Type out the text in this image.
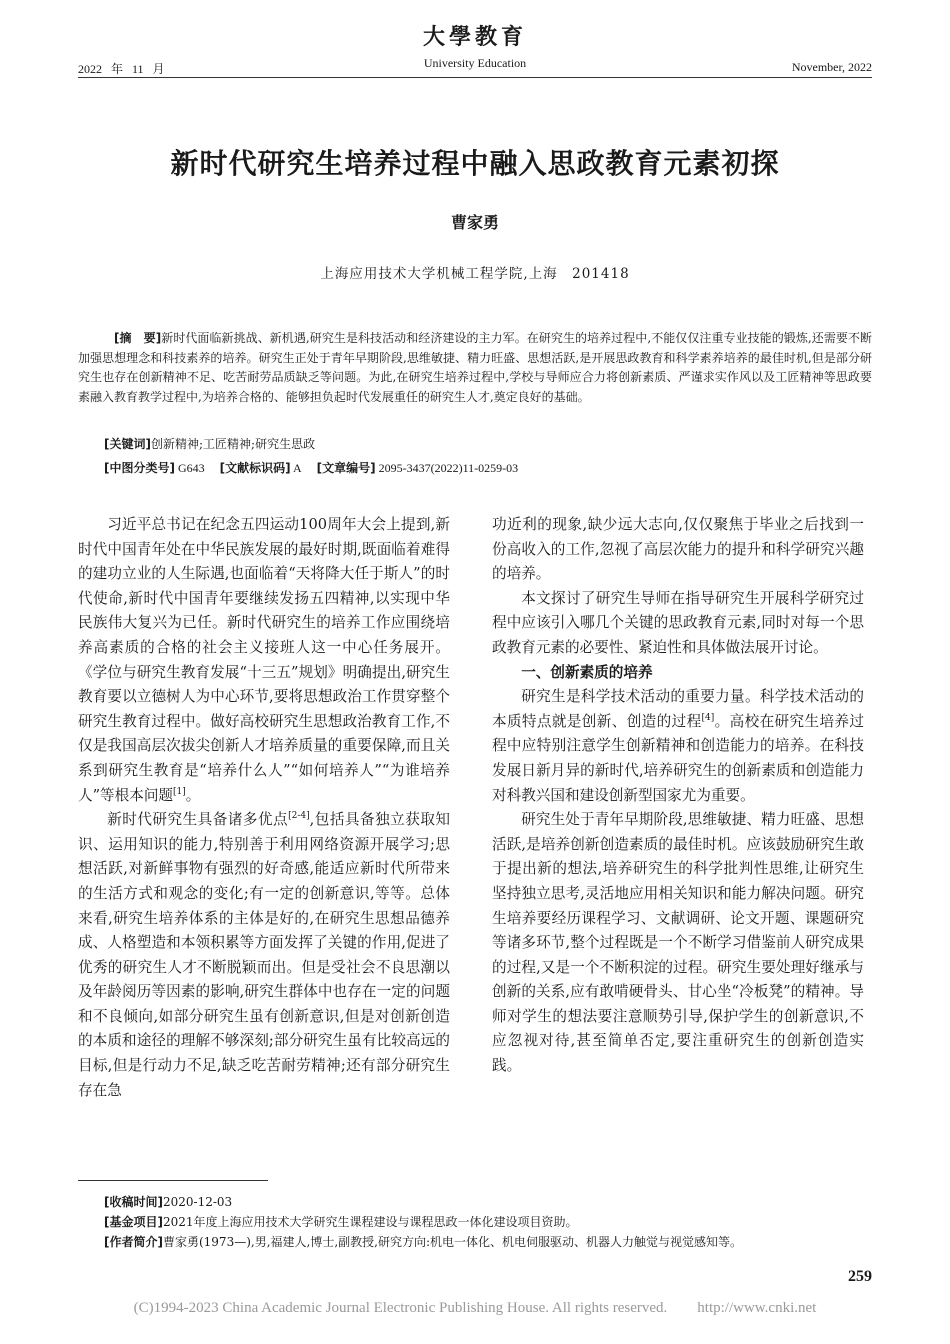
大學教育
University Education
2022 年 11 月	November, 2022
新时代研究生培养过程中融入思政教育元素初探
曹家勇
上海应用技术大学机械工程学院,上海　201418
[摘　要]新时代面临新挑战、新机遇,研究生是科技活动和经济建设的主力军。在研究生的培养过程中,不能仅仅注重专业技能的锻炼,还需要不断加强思想理念和科技素养的培养。研究生正处于青年早期阶段,思维敏捷、精力旺盛、思想活跃,是开展思政教育和科学素养培养的最佳时机,但是部分研究生也存在创新精神不足、吃苦耐劳品质缺乏等问题。为此,在研究生培养过程中,学校与导师应合力将创新素质、严谨求实作风以及工匠精神等思政要素融入教育教学过程中,为培养合格的、能够担负起时代发展重任的研究生人才,奠定良好的基础。
[关键词]创新精神;工匠精神;研究生思政
[中图分类号] G643 [文献标识码] A [文章编号] 2095-3437(2022)11-0259-03

习近平总书记在纪念五四运动100周年大会上提到,新时代中国青年处在中华民族发展的最好时期,既面临着难得的建功立业的人生际遇,也面临着“天将降大任于斯人”的时代使命,新时代中国青年要继续发扬五四精神,以实现中华民族伟大复兴为已任。新时代研究生的培养工作应围绕培养高素质的合格的社会主义接班人这一中心任务展开。《学位与研究生教育发展“十三五”规划》明确提出,研究生教育要以立德树人为中心环节,要将思想政治工作贯穿整个研究生教育过程中。做好高校研究生思想政治教育工作,不仅是我国高层次拔尖创新人才培养质量的重要保障,而且关系到研究生教育是“培养什么人”“如何培养人”“为谁培养人”等根本问题[1]。

新时代研究生具备诸多优点[2-4],包括具备独立获取知识、运用知识的能力,特别善于利用网络资源开展学习;思想活跃,对新鲜事物有强烈的好奇感,能适应新时代所带来的生活方式和观念的变化;有一定的创新意识,等等。总体来看,研究生培养体系的主体是好的,在研究生思想品德养成、人格塑造和本领积累等方面发挥了关键的作用,促进了优秀的研究生人才不断脱颖而出。但是受社会不良思潮以及年龄阅历等因素的影响,研究生群体中也存在一定的问题和不良倾向,如部分研究生虽有创新意识,但是对创新创造的本质和途径的理解不够深刻;部分研究生虽有比较高远的目标,但是行动力不足,缺乏吃苦耐劳精神;还有部分研究生存在急

功近利的现象,缺少远大志向,仅仅聚焦于毕业之后找到一份高收入的工作,忽视了高层次能力的提升和科学研究兴趣的培养。

本文探讨了研究生导师在指导研究生开展科学研究过程中应该引入哪几个关键的思政教育元素,同时对每一个思政教育元素的必要性、紧迫性和具体做法展开讨论。

一、创新素质的培养

研究生是科学技术活动的重要力量。科学技术活动的本质特点就是创新、创造的过程[4]。高校在研究生培养过程中应特别注意学生创新精神和创造能力的培养。在科技发展日新月异的新时代,培养研究生的创新素质和创造能力对科教兴国和建设创新型国家尤为重要。

研究生处于青年早期阶段,思维敏捷、精力旺盛、思想活跃,是培养创新创造素质的最佳时机。应该鼓励研究生敢于提出新的想法,培养研究生的科学批判性思维,让研究生坚持独立思考,灵活地应用相关知识和能力解决问题。研究生培养要经历课程学习、文献调研、论文开题、课题研究等诸多环节,整个过程既是一个不断学习借鉴前人研究成果的过程,又是一个不断积淀的过程。研究生要处理好继承与创新的关系,应有敢啃硬骨头、甘心坐“冷板凳”的精神。导师对学生的想法要注意顺势引导,保护学生的创新意识,不应忽视对待,甚至简单否定,要注重研究生的创新创造实践。

[收稿时间]2020-12-03
[基金项目]2021年度上海应用技术大学研究生课程建设与课程思政一体化建设项目资助。
[作者简介]曹家勇(1973—),男,福建人,博士,副教授,研究方向:机电一体化、机电伺服驱动、机器人力触觉与视觉感知等。
259
(C)1994-2023 China Academic Journal Electronic Publishing House. All rights reserved.　　http://www.cnki.net
